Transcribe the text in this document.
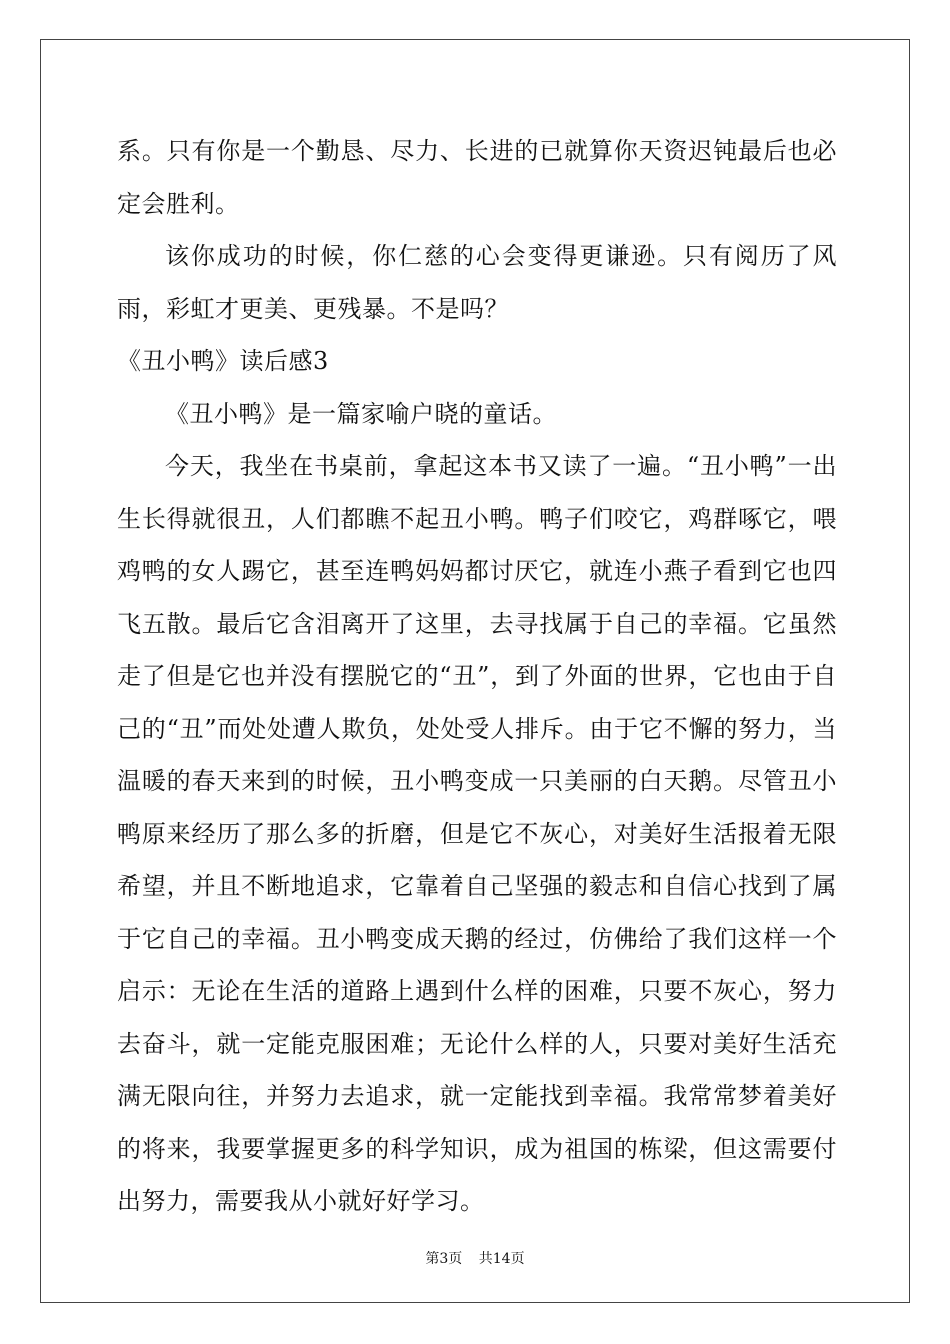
系。只有你是一个勤恳、尽力、长进的已就算你天资迟钝最后也必定会胜利。

该你成功的时候，你仁慈的心会变得更谦逊。只有阅历了风雨，彩虹才更美、更残暴。不是吗？

《丑小鸭》读后感3

《丑小鸭》是一篇家喻户晓的童话。

今天，我坐在书桌前，拿起这本书又读了一遍。“丑小鸭”一出生长得就很丑，人们都瞧不起丑小鸭。鸭子们咬它，鸡群啄它，喂鸡鸭的女人踢它，甚至连鸭妈妈都讨厌它，就连小燕子看到它也四飞五散。最后它含泪离开了这里，去寻找属于自己的幸福。它虽然走了但是它也并没有摆脱它的“丑”，到了外面的世界，它也由于自己的“丑”而处处遭人欺负，处处受人排斥。由于它不懈的努力，当温暖的春天来到的时候，丑小鸭变成一只美丽的白天鹅。尽管丑小鸭原来经历了那么多的折磨，但是它不灰心，对美好生活报着无限希望，并且不断地追求，它靠着自己坚强的毅志和自信心找到了属于它自己的幸福。丑小鸭变成天鹅的经过，仿佛给了我们这样一个启示：无论在生活的道路上遇到什么样的困难，只要不灰心，努力去奋斗，就一定能克服困难；无论什么样的人，只要对美好生活充满无限向往，并努力去追求，就一定能找到幸福。我常常梦着美好的将来，我要掌握更多的科学知识，成为祖国的栋梁，但这需要付出努力，需要我从小就好好学习。

第3页 共14页
